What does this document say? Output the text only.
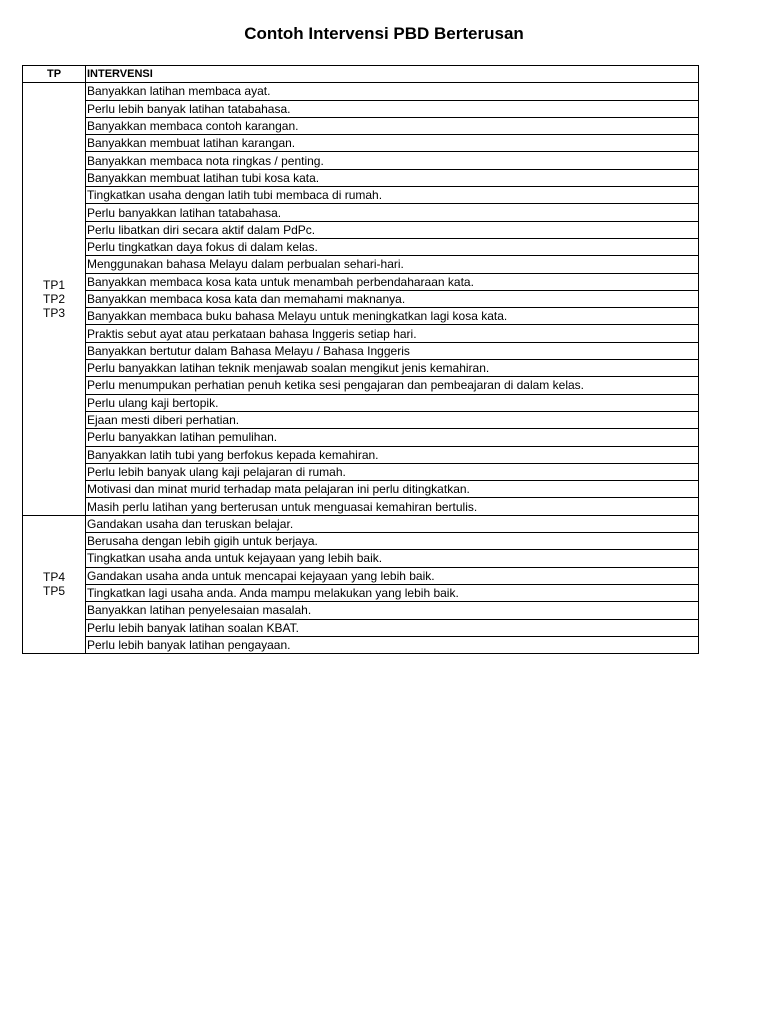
Contoh Intervensi PBD Berterusan
TP	INTERVENSI

TP1
TP2
TP3	Banyakkan latihan membaca ayat.
	Perlu lebih banyak latihan tatabahasa.
	Banyakkan membaca contoh karangan.
	Banyakkan membuat latihan karangan.
	Banyakkan membaca nota ringkas / penting.
	Banyakkan membuat latihan tubi kosa kata.
	Tingkatkan usaha dengan latih tubi membaca di rumah.
	Perlu banyakkan latihan tatabahasa.
	Perlu libatkan diri secara aktif dalam PdPc.
	Perlu tingkatkan daya fokus di dalam kelas.
	Menggunakan bahasa Melayu dalam perbualan sehari-hari.
	Banyakkan membaca kosa kata untuk menambah perbendaharaan kata.
	Banyakkan membaca kosa kata dan memahami maknanya.
	Banyakkan membaca buku bahasa Melayu untuk meningkatkan lagi kosa kata.
	Praktis sebut ayat atau perkataan bahasa Inggeris setiap hari.
	Banyakkan bertutur dalam Bahasa Melayu / Bahasa Inggeris
	Perlu banyakkan latihan teknik menjawab soalan mengikut jenis kemahiran.
	Perlu menumpukan perhatian penuh ketika sesi pengajaran dan pembeajaran di dalam kelas.
	Perlu ulang kaji bertopik.
	Ejaan mesti diberi perhatian.
	Perlu banyakkan latihan pemulihan.
	Banyakkan latih tubi yang berfokus kepada kemahiran.
	Perlu lebih banyak ulang kaji pelajaran di rumah.
	Motivasi dan minat murid terhadap mata pelajaran ini perlu ditingkatkan.
	Masih perlu latihan yang berterusan untuk menguasai kemahiran bertulis.

TP4
TP5	Gandakan usaha dan teruskan belajar.
	Berusaha dengan lebih gigih untuk berjaya.
	Tingkatkan usaha anda untuk kejayaan yang lebih baik.
	Gandakan usaha anda untuk mencapai kejayaan yang lebih baik.
	Tingkatkan lagi usaha anda. Anda mampu melakukan yang lebih baik.
	Banyakkan latihan penyelesaian masalah.
	Perlu lebih banyak latihan soalan KBAT.
	Perlu lebih banyak latihan pengayaan.
